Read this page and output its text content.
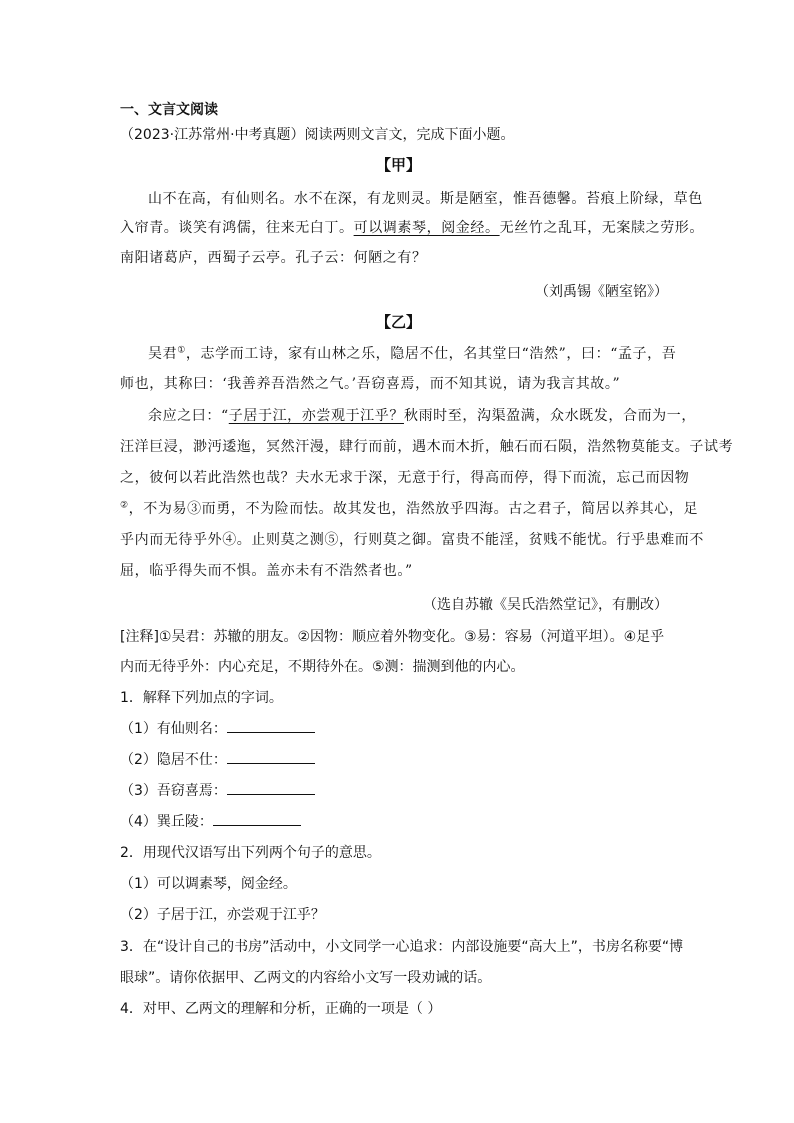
一、文言文阅读
（2023·江苏常州·中考真题）阅读两则文言文，完成下面小题。
【甲】
山不在高，有仙则名。水不在深，有龙则灵。斯是陋室，惟吾德馨。苔痕上阶绿，草色
入帘青。谈笑有鸿儒，往来无白丁。可以调素琴，阅金经。无丝竹之乱耳，无案牍之劳形。
南阳诸葛庐，西蜀子云亭。孔子云：何陋之有？
（刘禹锡《陋室铭》）
【乙】
吴君①，志学而工诗，家有山林之乐，隐居不仕，名其堂曰“浩然”，曰：“孟子，吾
师也，其称曰：‘我善养吾浩然之气。’吾窃喜焉，而不知其说，请为我言其故。”
余应之曰：“子居于江，亦尝观于江乎？秋雨时至，沟渠盈满，众水既发，合而为一，
汪洋巨浸，渺沔逶迤，冥然汗漫，肆行而前，遇木而木折，触石而石陨，浩然物莫能支。子试考
之，彼何以若此浩然也哉？夫水无求于深，无意于行，得高而停，得下而流，忘己而因物
②，不为易③而勇，不为险而怯。故其发也，浩然放乎四海。古之君子，简居以养其心，足
乎内而无待乎外④。止则莫之测⑤，行则莫之御。富贵不能淫，贫贱不能忧。行乎患难而不
屈，临乎得失而不惧。盖亦未有不浩然者也。”
（选自苏辙《吴氏浩然堂记》，有删改）
[注释]①吴君：苏辙的朋友。②因物：顺应着外物变化。③易：容易（河道平坦）。④足乎
内而无待乎外：内心充足，不期待外在。⑤测：揣测到他的内心。
1．解释下列加点的字词。
（1）有仙则名：
（2）隐居不仕：
（3）吾窃喜焉：
（4）巽丘陵：
2．用现代汉语写出下列两个句子的意思。
（1）可以调素琴，阅金经。
（2）子居于江，亦尝观于江乎？
3．在“设计自己的书房”活动中，小文同学一心追求：内部设施要“高大上”，书房名称要“博
眼球”。请你依据甲、乙两文的内容给小文写一段劝诫的话。
4．对甲、乙两文的理解和分析，正确的一项是（ ）
